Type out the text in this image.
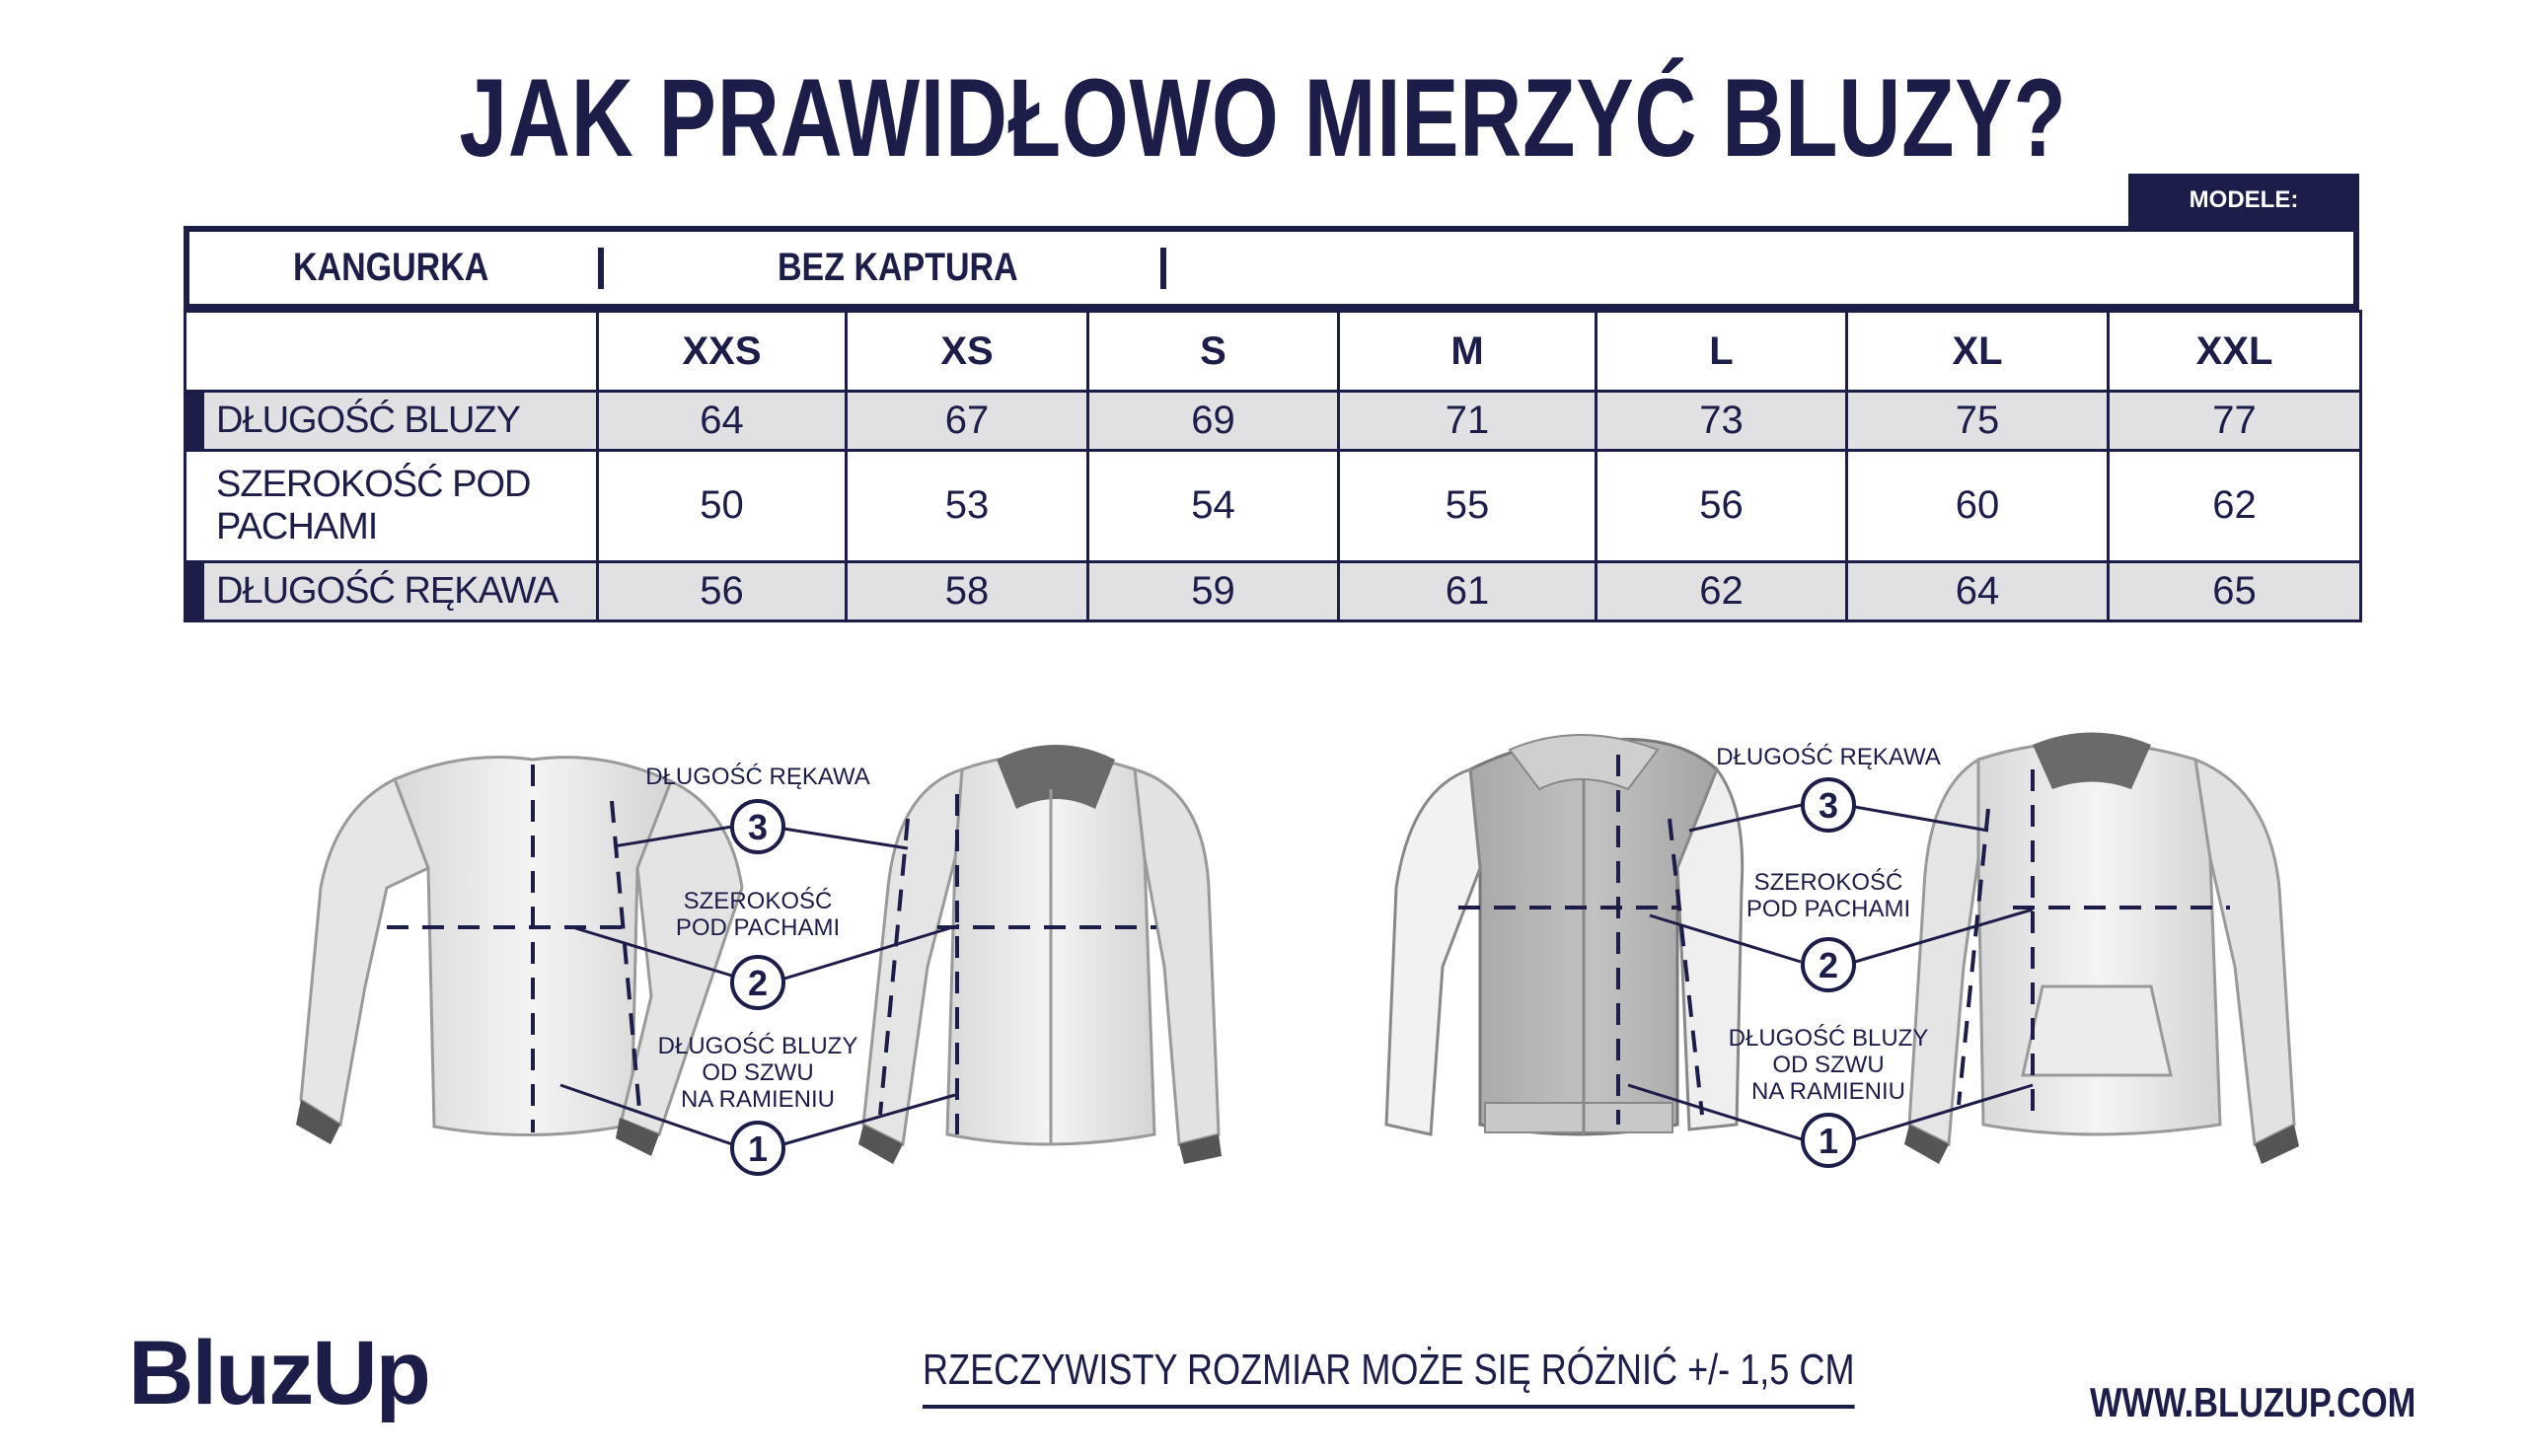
JAK PRAWIDŁOWO MIERZYĆ BLUZY?
MODELE:
KANGURKA	BEZ KAPTURA
	XXS	XS	S	M	L	XL	XXL

DŁUGOŚĆ BLUZY	64	67	69	71	73	75	77
SZEROKOŚĆ POD PACHAMI	50	53	54	55	56	60	62

DŁUGOŚĆ RĘKAWA	56	58	59	61	62	64	65
3
2
1
DŁUGOŚĆ RĘKAWA
SZEROKOŚĆ
POD PACHAMI
DŁUGOŚĆ BLUZY
OD SZWU
NA RAMIENIU
3
2
1
DŁUGOŚĆ RĘKAWA
SZEROKOŚĆ
POD PACHAMI
DŁUGOŚĆ BLUZY
OD SZWU
NA RAMIENIU
BluzUp	RZECZYWISTY ROZMIAR MOŻE SIĘ RÓŻNIĆ +/- 1,5 CM
WWW.BLUZUP.COM
